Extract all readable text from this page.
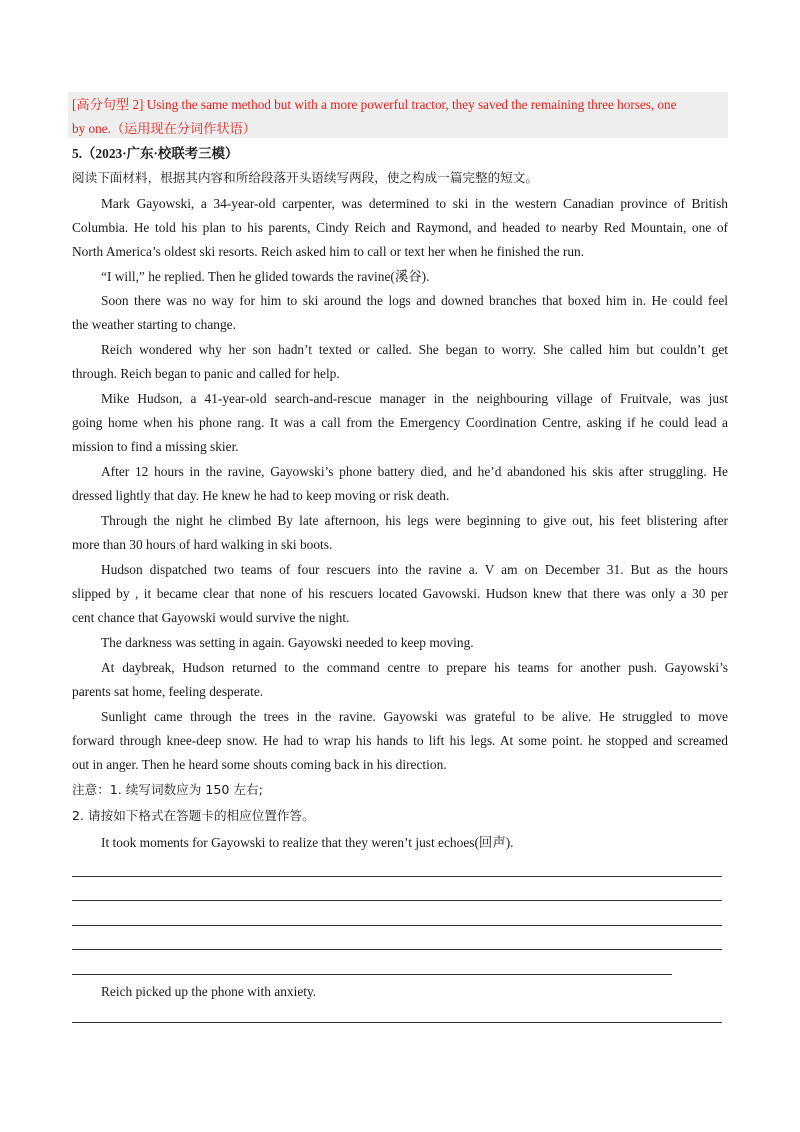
[高分句型 2] Using the same method but with a more powerful tractor, they saved the remaining three horses, one
by one.（运用现在分词作状语）
5.（2023·广东·校联考三模）
阅读下面材料，根据其内容和所给段落开头语续写两段，使之构成一篇完整的短文。
Mark Gayowski, a 34-year-old carpenter, was determined to ski in the western Canadian province of British
Columbia. He told his plan to his parents, Cindy Reich and Raymond, and headed to nearby Red Mountain, one of
North America’s oldest ski resorts. Reich asked him to call or text her when he finished the run.
“I will,” he replied. Then he glided towards the ravine(溪谷).
Soon there was no way for him to ski around the logs and downed branches that boxed him in. He could feel
the weather starting to change.
Reich wondered why her son hadn’t texted or called. She began to worry. She called him but couldn’t get
through. Reich began to panic and called for help.
Mike Hudson, a 41-year-old search-and-rescue manager in the neighbouring village of Fruitvale, was just
going home when his phone rang. It was a call from the Emergency Coordination Centre, asking if he could lead a
mission to find a missing skier.
After 12 hours in the ravine, Gayowski’s phone battery died, and he’d abandoned his skis after struggling. He
dressed lightly that day. He knew he had to keep moving or risk death.
Through the night he climbed By late afternoon, his legs were beginning to give out, his feet blistering after
more than 30 hours of hard walking in ski boots.
Hudson dispatched two teams of four rescuers into the ravine a. V am on December 31. But as the hours
slipped by , it became clear that none of his rescuers located Gavowski. Hudson knew that there was only a 30 per
cent chance that Gayowski would survive the night.
The darkness was setting in again. Gayowski needed to keep moving.
At daybreak, Hudson returned to the command centre to prepare his teams for another push. Gayowski’s
parents sat home, feeling desperate.
Sunlight came through the trees in the ravine. Gayowski was grateful to be alive. He struggled to move
forward through knee-deep snow. He had to wrap his hands to lift his legs. At some point. he stopped and screamed
out in anger. Then he heard some shouts coming back in his direction.
注意：1. 续写词数应为 150 左右;
2. 请按如下格式在答题卡的相应位置作答。
It took moments for Gayowski to realize that they weren’t just echoes(回声).
Reich picked up the phone with anxiety.
